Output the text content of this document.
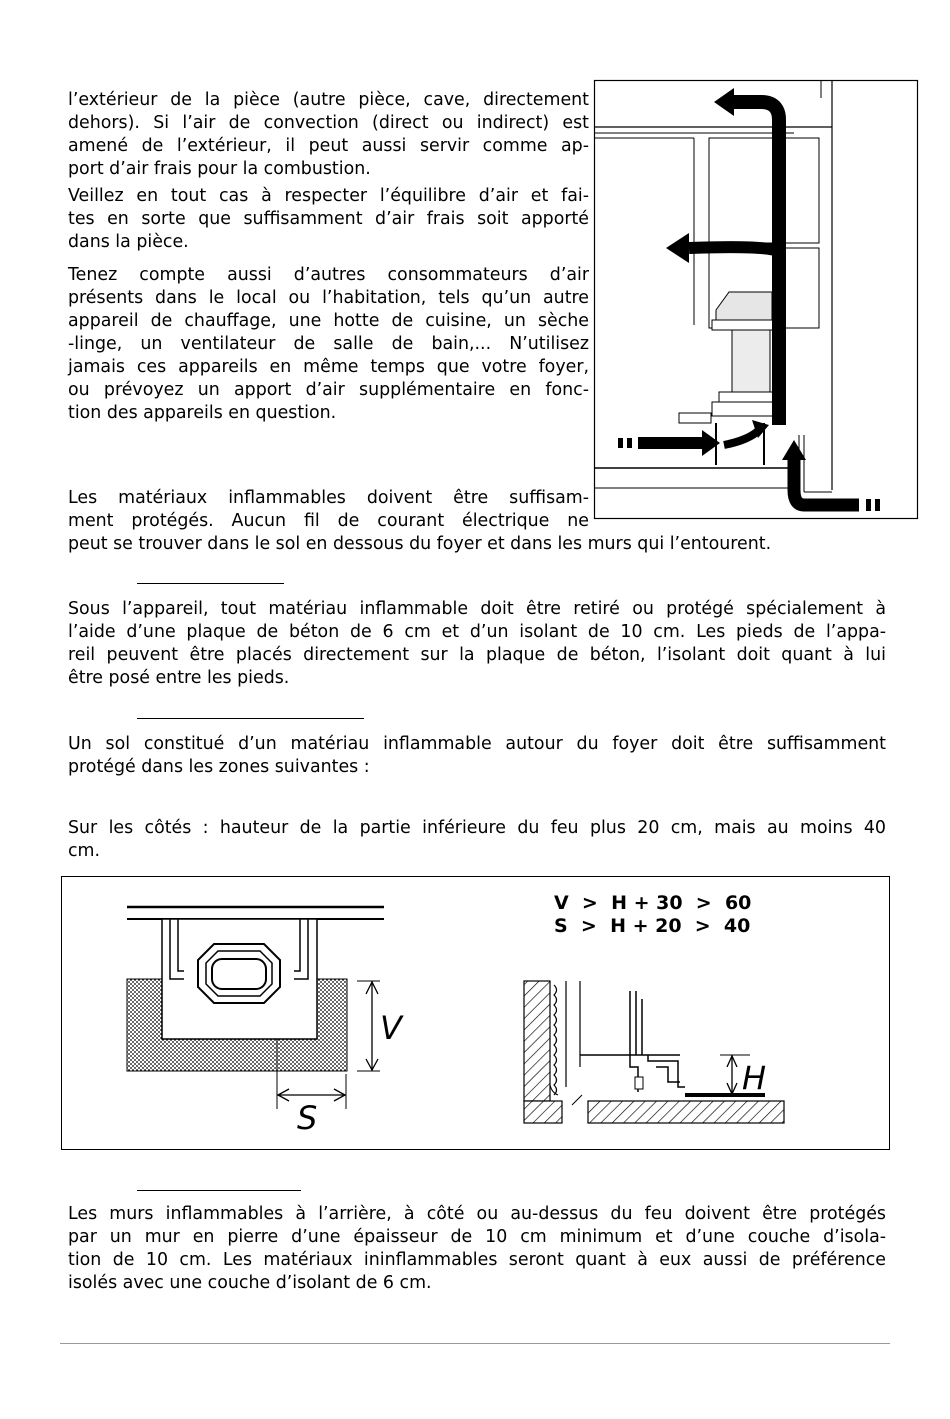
l’extérieur de la pièce (autre pièce, cave, directement
dehors). Si l’air de convection (direct ou indirect) est
amené de l’extérieur, il peut aussi servir comme ap-
port d’air frais pour la combustion.
Veillez en tout cas à respecter l’équilibre d’air et fai-
tes en sorte que suffisamment d’air frais soit apporté
dans la pièce.
Tenez compte aussi d’autres consommateurs d’air
présents dans le local ou l’habitation, tels qu’un autre
appareil de chauffage, une hotte de cuisine, un sèche
-linge, un ventilateur de salle de bain,... N’utilisez
jamais ces appareils en même temps que votre foyer,
ou prévoyez un apport d’air supplémentaire en fonc-
tion des appareils en question.
Les matériaux inflammables doivent être suffisam-
ment protégés. Aucun fil de courant électrique ne
peut se trouver dans le sol en dessous du foyer et dans les murs qui l’entourent.
Sous l’appareil, tout matériau inflammable doit être retiré ou protégé spécialement à
l’aide d’une plaque de béton de 6 cm et d’un isolant de 10 cm. Les pieds de l’appa-
reil peuvent être placés directement sur la plaque de béton, l’isolant doit quant à lui
être posé entre les pieds.
Un sol constitué d’un matériau inflammable autour du foyer doit être suffisamment
protégé dans les zones suivantes :
Sur les côtés : hauteur de la partie inférieure du feu plus 20 cm, mais au moins 40
cm.
V  >  H + 30  >  60
S  >  H + 20  >  40
V
S
H
Les murs inflammables à l’arrière, à côté ou au-dessus du feu doivent être protégés
par un mur en pierre d’une épaisseur de 10 cm minimum et d’une couche d’isola-
tion de 10 cm. Les matériaux ininflammables seront quant à eux aussi de préférence
isolés avec une couche d’isolant de 6 cm.
